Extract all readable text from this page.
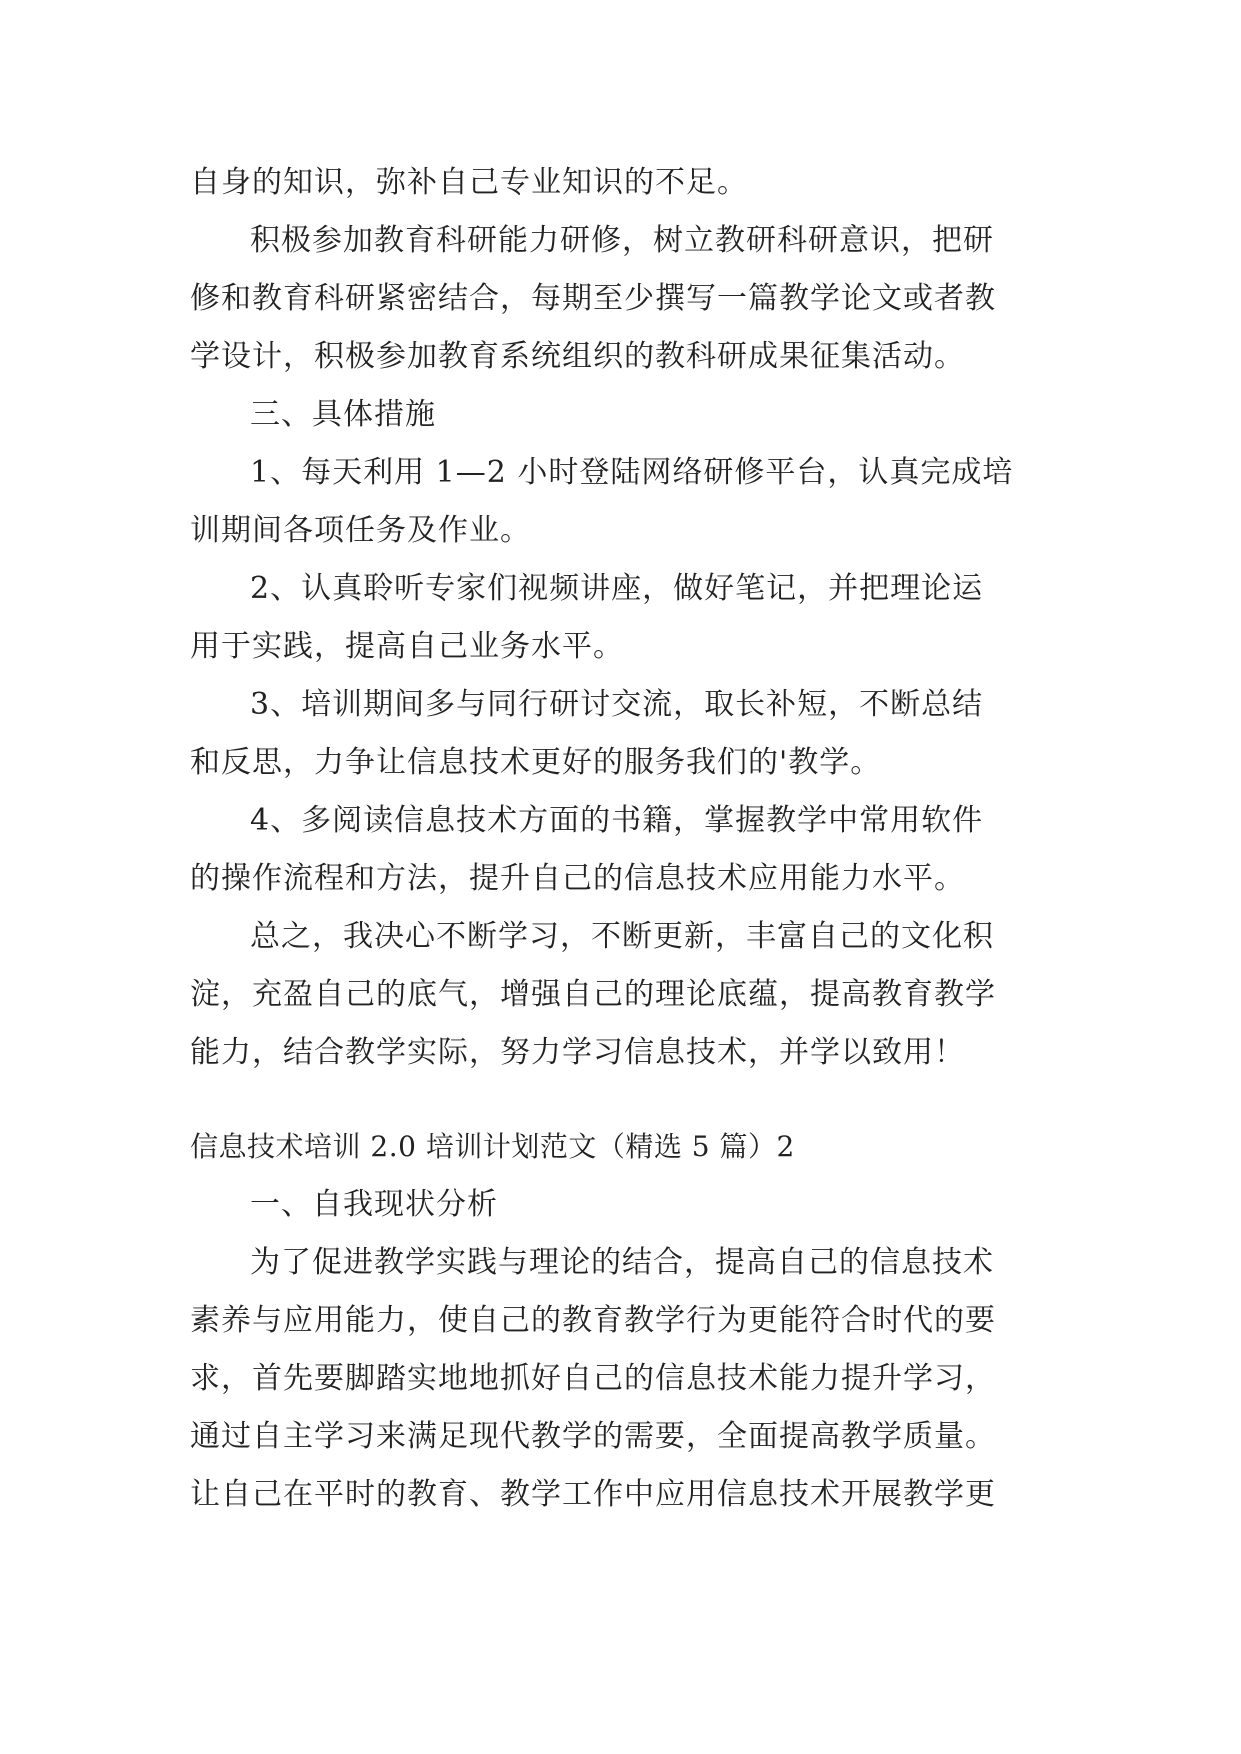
自身的知识，弥补自己专业知识的不足。
积极参加教育科研能力研修，树立教研科研意识，把研
修和教育科研紧密结合，每期至少撰写一篇教学论文或者教
学设计，积极参加教育系统组织的教科研成果征集活动。
三、具体措施
1、每天利用 1—2 小时登陆网络研修平台，认真完成培
训期间各项任务及作业。
2、认真聆听专家们视频讲座，做好笔记，并把理论运
用于实践，提高自己业务水平。
3、培训期间多与同行研讨交流，取长补短，不断总结
和反思，力争让信息技术更好的服务我们的'教学。
4、多阅读信息技术方面的书籍，掌握教学中常用软件
的操作流程和方法，提升自己的信息技术应用能力水平。
总之，我决心不断学习，不断更新，丰富自己的文化积
淀，充盈自己的底气，增强自己的理论底蕴，提高教育教学
能力，结合教学实际，努力学习信息技术，并学以致用！
信息技术培训 2.0 培训计划范文（精选 5 篇）2
一、自我现状分析
为了促进教学实践与理论的结合，提高自己的信息技术
素养与应用能力，使自己的教育教学行为更能符合时代的要
求，首先要脚踏实地地抓好自己的信息技术能力提升学习，
通过自主学习来满足现代教学的需要，全面提高教学质量。
让自己在平时的教育、教学工作中应用信息技术开展教学更
